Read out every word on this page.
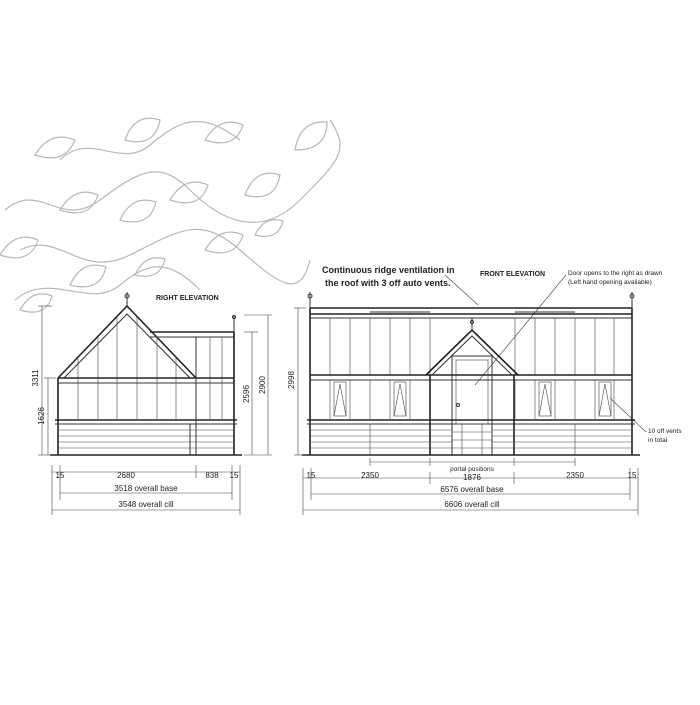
RIGHT ELEVATION
3311
1626
2596
2900
15	2680	838 15
3518 overall base
3548 overall cill
FRONT ELEVATION
Continuous ridge ventilation in
the roof with 3 off auto vents.
Door opens to the right as drawn
(Left hand opening avaliable)
10 off vents
in total
2998
portal positions
15	2350	1876	2350	15
6576 overall base
6606 overall cill
